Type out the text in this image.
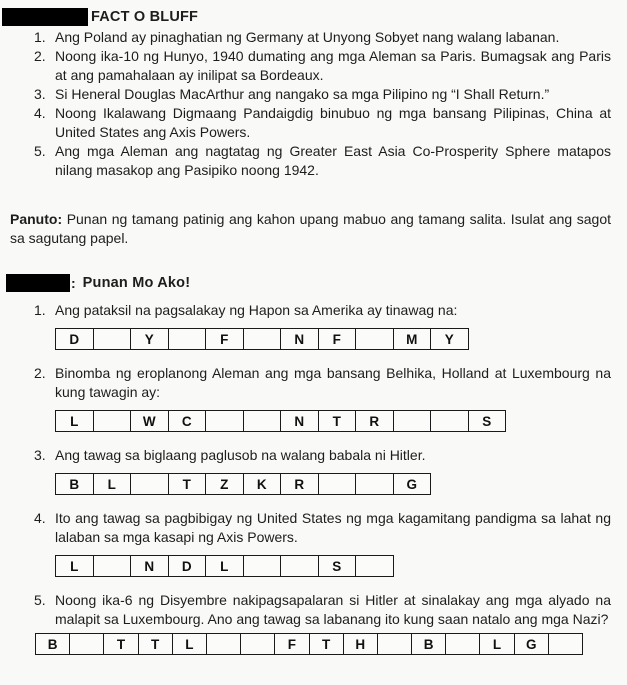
FACT O BLUFF
1. Ang Poland ay pinaghatian ng Germany at Unyong Sobyet nang walang labanan.
2. Noong ika-10 ng Hunyo, 1940 dumating ang mga Aleman sa Paris. Bumagsak ang Paris at ang pamahalaan ay inilipat sa Bordeaux.
3. Si Heneral Douglas MacArthur ang nangako sa mga Pilipino ng “I Shall Return.”
4. Noong Ikalawang Digmaang Pandaigdig binubuo ng mga bansang Pilipinas, China at United States ang Axis Powers.
5. Ang mga Aleman ang nagtatag ng Greater East Asia Co-Prosperity Sphere matapos nilang masakop ang Pasipiko noong 1942.

Panuto: Punan ng tamang patinig ang kahon upang mabuo ang tamang salita. Isulat ang sagot sa sagutang papel.

: Punan Mo Ako!
1. Ang pataksil na pagsalakay ng Hapon sa Amerika ay tinawag na:
D	Y	F	N	F	M	Y
2. Binomba ng eroplanong Aleman ang mga bansang Belhika, Holland at Luxembourg na kung tawagin ay:
L	W	C	N	T	R	S
3. Ang tawag sa biglaang paglusob na walang babala ni Hitler.
B	L	T	Z	K	R	G
4. Ito ang tawag sa pagbibigay ng United States ng mga kagamitang pandigma sa lahat ng lalaban sa mga kasapi ng Axis Powers.
L	N	D	L	S
5. Noong ika-6 ng Disyembre nakipagsapalaran si Hitler at sinalakay ang mga alyado na malapit sa Luxembourg. Ano ang tawag sa labanang ito kung saan natalo ang mga Nazi?
B	T	T	L	F	T	H	B	L	G
